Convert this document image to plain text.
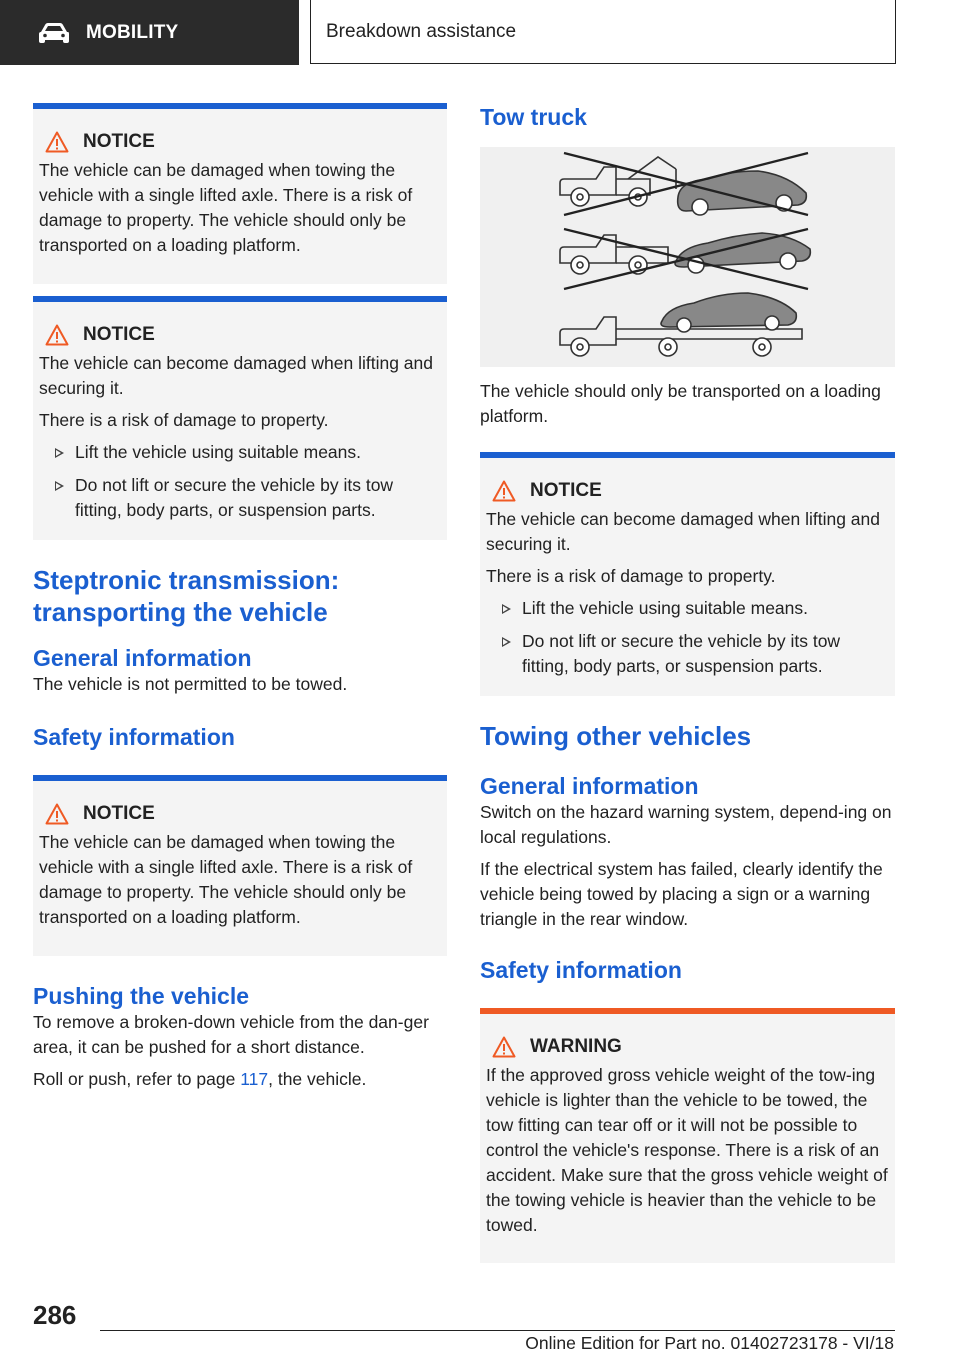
MOBILITY	Breakdown assistance
NOTICE

The vehicle can be damaged when towing the vehicle with a single lifted axle. There is a risk of damage to property. The vehicle should only be transported on a loading platform.

NOTICE

The vehicle can become damaged when lifting and securing it.

There is a risk of damage to property.

Lift the vehicle using suitable means.
Do not lift or secure the vehicle by its tow fitting, body parts, or suspension parts.
Steptronic transmission: transporting the vehicle
General information

The vehicle is not permitted to be towed.

Safety information
NOTICE

The vehicle can be damaged when towing the vehicle with a single lifted axle. There is a risk of damage to property. The vehicle should only be transported on a loading platform.

Pushing the vehicle

To remove a broken-down vehicle from the dan‐ger area, it can be pushed for a short distance.

Roll or push, refer to page 117, the vehicle.

Tow truck

The vehicle should only be transported on a loading platform.

NOTICE

The vehicle can become damaged when lifting and securing it.

There is a risk of damage to property.

Lift the vehicle using suitable means.
Do not lift or secure the vehicle by its tow fitting, body parts, or suspension parts.
Towing other vehicles
General information

Switch on the hazard warning system, depend‐ing on local regulations.

If the electrical system has failed, clearly identify the vehicle being towed by placing a sign or a warning triangle in the rear window.

Safety information
WARNING

If the approved gross vehicle weight of the tow‐ing vehicle is lighter than the vehicle to be towed, the tow fitting can tear off or it will not be possible to control the vehicle's response. There is a risk of an accident. Make sure that the gross vehicle weight of the towing vehicle is heavier than the vehicle to be towed.

286
Online Edition for Part no. 01402723178 - VI/18
